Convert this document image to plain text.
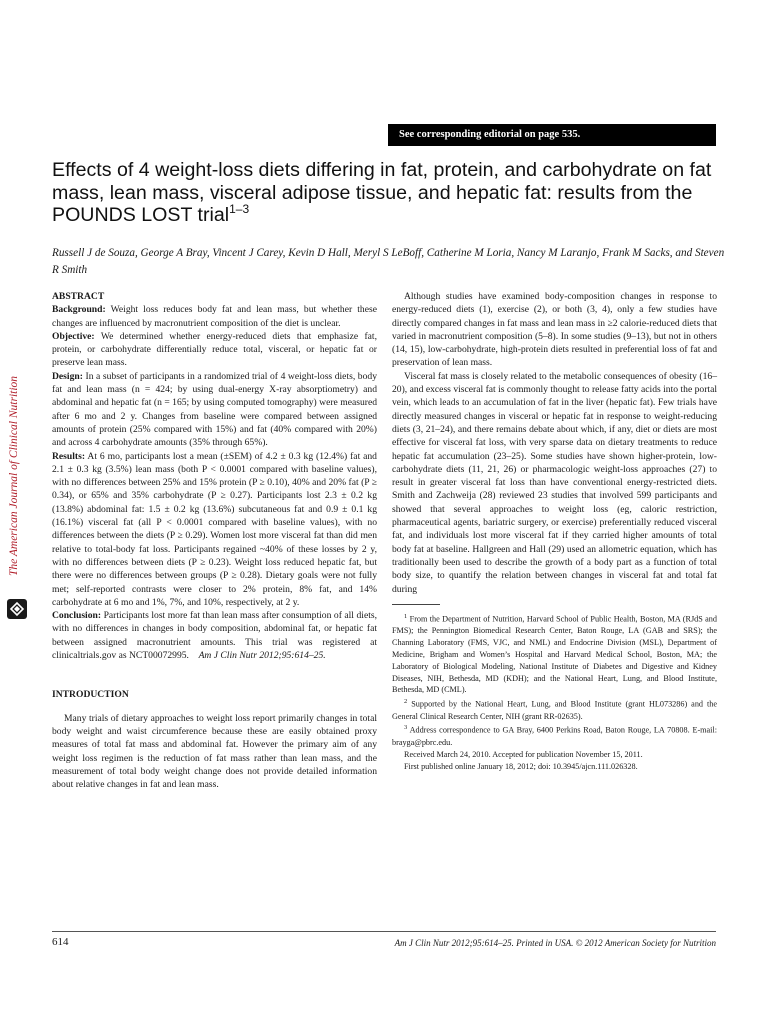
See corresponding editorial on page 535.
Effects of 4 weight-loss diets differing in fat, protein, and carbohydrate on fat mass, lean mass, visceral adipose tissue, and hepatic fat: results from the POUNDS LOST trial$^{1-3}$
Russell J de Souza, George A Bray, Vincent J Carey, Kevin D Hall, Meryl S LeBoff, Catherine M Loria, Nancy M Laranjo, Frank M Sacks, and Steven R Smith
The American Journal of Clinical Nutrition

ABSTRACT

Background: Weight loss reduces body fat and lean mass, but whether these changes are influenced by macronutrient composition of the diet is unclear.

Objective: We determined whether energy-reduced diets that emphasize fat, protein, or carbohydrate differentially reduce total, visceral, or hepatic fat or preserve lean mass.

Design: In a subset of participants in a randomized trial of 4 weight-loss diets, body fat and lean mass (n = 424; by using dual-energy X-ray absorptiometry) and abdominal and hepatic fat (n = 165; by using computed tomography) were measured after 6 mo and 2 y. Changes from baseline were compared between assigned amounts of protein (25% compared with 15%) and fat (40% compared with 20%) and across 4 carbohydrate amounts (35% through 65%).

Results: At 6 mo, participants lost a mean (±SEM) of 4.2 ± 0.3 kg (12.4%) fat and 2.1 ± 0.3 kg (3.5%) lean mass (both P < 0.0001 compared with baseline values), with no differences between 25% and 15% protein (P ≥ 0.10), 40% and 20% fat (P ≥ 0.34), or 65% and 35% carbohydrate (P ≥ 0.27). Participants lost 2.3 ± 0.2 kg (13.8%) abdominal fat: 1.5 ± 0.2 kg (13.6%) subcutaneous fat and 0.9 ± 0.1 kg (16.1%) visceral fat (all P < 0.0001 compared with baseline values), with no differences between the diets (P ≥ 0.29). Women lost more visceral fat than did men relative to total-body fat loss. Participants regained ~40% of these losses by 2 y, with no differences between diets (P ≥ 0.23). Weight loss reduced hepatic fat, but there were no differences between groups (P ≥ 0.28). Dietary goals were not fully met; self-reported contrasts were closer to 2% protein, 8% fat, and 14% carbohydrate at 6 mo and 1%, 7%, and 10%, respectively, at 2 y.

Conclusion: Participants lost more fat than lean mass after consumption of all diets, with no differences in changes in body composition, abdominal fat, or hepatic fat between assigned macronutrient amounts. This trial was registered at clinicaltrials.gov as NCT00072995. Am J Clin Nutr 2012;95:614–25.

INTRODUCTION

Many trials of dietary approaches to weight loss report primarily changes in total body weight and waist circumference because these are easily obtained proxy measures of total fat mass and abdominal fat. However the primary aim of any weight loss regimen is the reduction of fat mass rather than lean mass, and the measurement of total body weight change does not provide detailed information about relative changes in fat and lean mass.

Although studies have examined body-composition changes in response to energy-reduced diets (1), exercise (2), or both (3, 4), only a few studies have directly compared changes in fat mass and lean mass in ≥2 calorie-reduced diets that varied in macronutrient composition (5–8). In some studies (9–13), but not in others (14, 15), low-carbohydrate, high-protein diets resulted in preferential loss of fat and preservation of lean mass.

Visceral fat mass is closely related to the metabolic consequences of obesity (16–20), and excess visceral fat is commonly thought to release fatty acids into the portal vein, which leads to an accumulation of fat in the liver (hepatic fat). Few trials have directly measured changes in visceral or hepatic fat in response to weight-reducing diets (3, 21–24), and there remains debate about which, if any, diet or diets are most effective for visceral fat loss, with very sparse data on dietary treatments to reduce hepatic fat accumulation (23–25). Some studies have shown higher-protein, low-carbohydrate diets (11, 21, 26) or pharmacologic weight-loss approaches (27) to result in greater visceral fat loss than have conventional energy-restricted diets. Smith and Zachweija (28) reviewed 23 studies that involved 599 participants and showed that several approaches to weight loss (eg, caloric restriction, pharmaceutical agents, bariatric surgery, or exercise) preferentially reduced visceral fat, and individuals lost more visceral fat if they carried higher amounts of total body fat at baseline. Hallgreen and Hall (29) used an allometric equation, which has traditionally been used to describe the growth of a body part as a function of total body size, to quantify the relation between changes in visceral fat and total fat during

$^1$ From the Department of Nutrition, Harvard School of Public Health, Boston, MA (RJdS and FMS); the Pennington Biomedical Research Center, Baton Rouge, LA (GAB and SRS); the Channing Laboratory (FMS, VJC, and NML) and Endocrine Division (MSL), Department of Medicine, Brigham and Women’s Hospital and Harvard Medical School, Boston, MA; the Laboratory of Biological Modeling, National Institute of Diabetes and Digestive and Kidney Diseases, NIH, Bethesda, MD (KDH); and the National Heart, Lung, and Blood Institute, Bethesda, MD (CML).

$^2$ Supported by the National Heart, Lung, and Blood Institute (grant HL073286) and the General Clinical Research Center, NIH (grant RR-02635).

$^3$ Address correspondence to GA Bray, 6400 Perkins Road, Baton Rouge, LA 70808. E-mail: brayga@pbrc.edu.

Received March 24, 2010. Accepted for publication November 15, 2011.

First published online January 18, 2012; doi: 10.3945/ajcn.111.026328.

614	Am J Clin Nutr 2012;95:614–25. Printed in USA. © 2012 American Society for Nutrition
